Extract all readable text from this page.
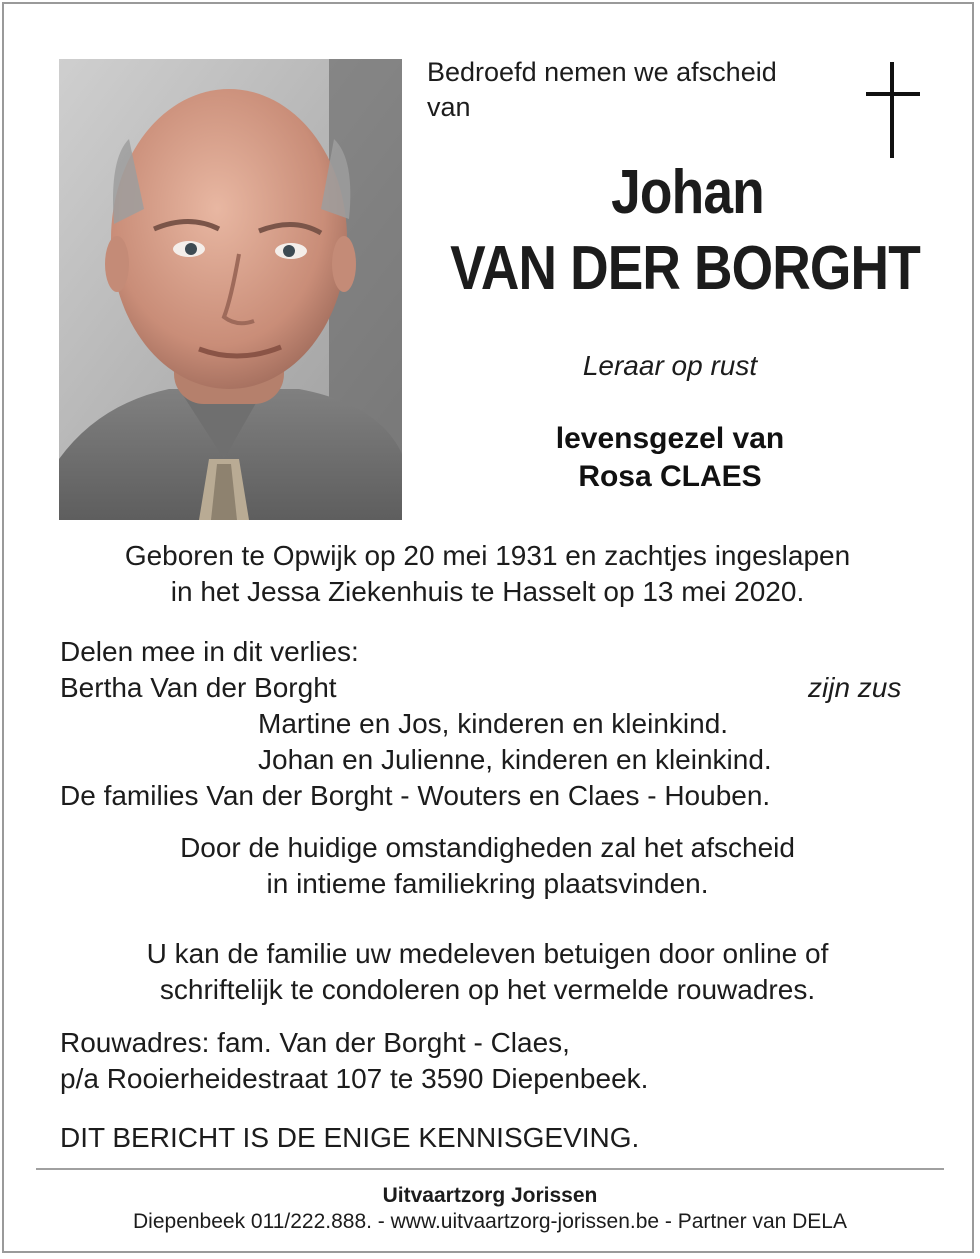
Bedroefd nemen we afscheid
van
Johan
VAN DER BORGHT
Leraar op rust
levensgezel van
Rosa CLAES
Geboren te Opwijk op 20 mei 1931 en zachtjes ingeslapen
in het Jessa Ziekenhuis te Hasselt op 13 mei 2020.
Delen mee in dit verlies:
Bertha Van der Borght	zijn zus
Martine en Jos, kinderen en kleinkind.
Johan en Julienne, kinderen en kleinkind.
De families Van der Borght - Wouters en Claes - Houben.
Door de huidige omstandigheden zal het afscheid
in intieme familiekring plaatsvinden.
U kan de familie uw medeleven betuigen door online of
schriftelijk te condoleren op het vermelde rouwadres.
Rouwadres: fam. Van der Borght - Claes,
p/a Rooierheidestraat 107 te 3590 Diepenbeek.
DIT BERICHT IS DE ENIGE KENNISGEVING.
Uitvaartzorg Jorissen
Diepenbeek 011/222.888. - www.uitvaartzorg-jorissen.be - Partner van DELA
